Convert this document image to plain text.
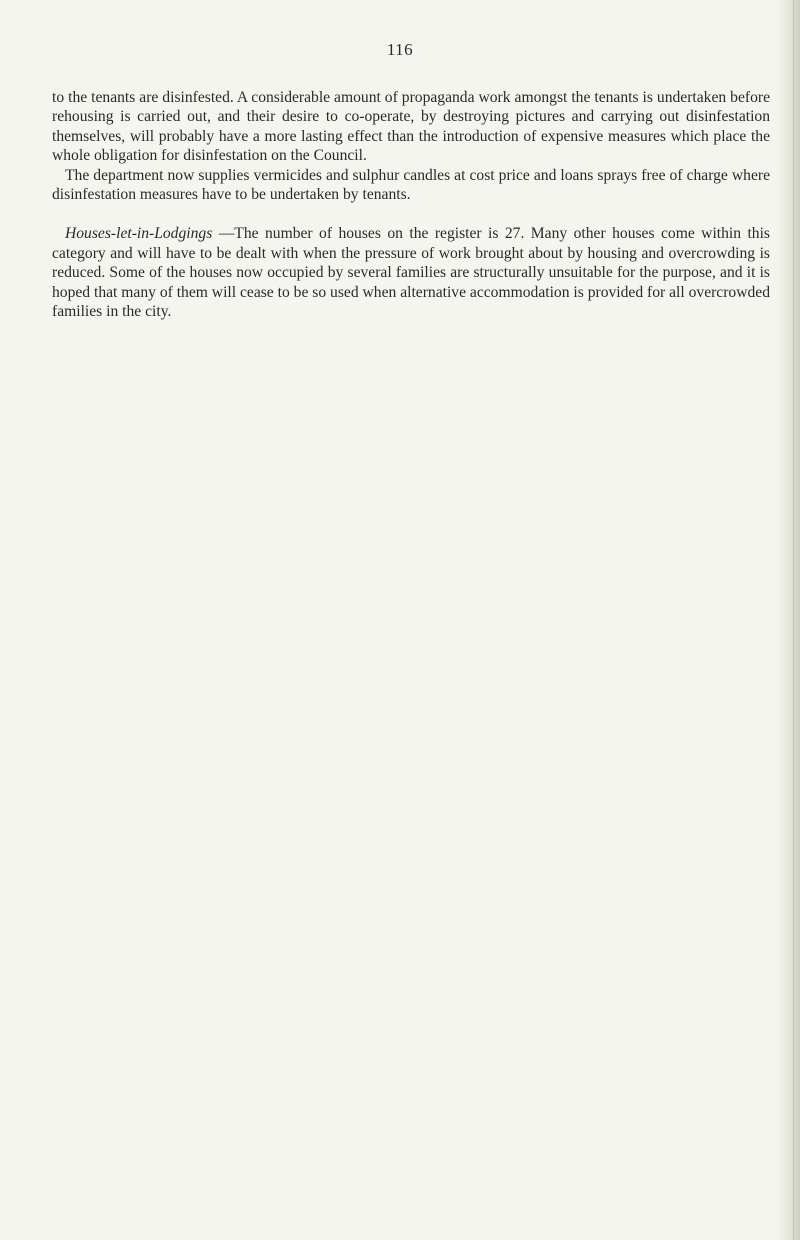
116

to the tenants are disinfested. A considerable amount of propaganda work amongst the tenants is undertaken before rehousing is carried out, and their desire to co-operate, by destroying pictures and carrying out disinfestation themselves, will probably have a more lasting effect than the introduction of expensive measures which place the whole obligation for disinfestation on the Council.

The department now supplies vermicides and sulphur candles at cost price and loans sprays free of charge where disinfestation measures have to be undertaken by tenants.

Houses-let-in-Lodgings —The number of houses on the register is 27. Many other houses come within this category and will have to be dealt with when the pressure of work brought about by housing and overcrowding is reduced. Some of the houses now occupied by several families are structurally unsuitable for the purpose, and it is hoped that many of them will cease to be so used when alternative accommodation is provided for all overcrowded families in the city.
